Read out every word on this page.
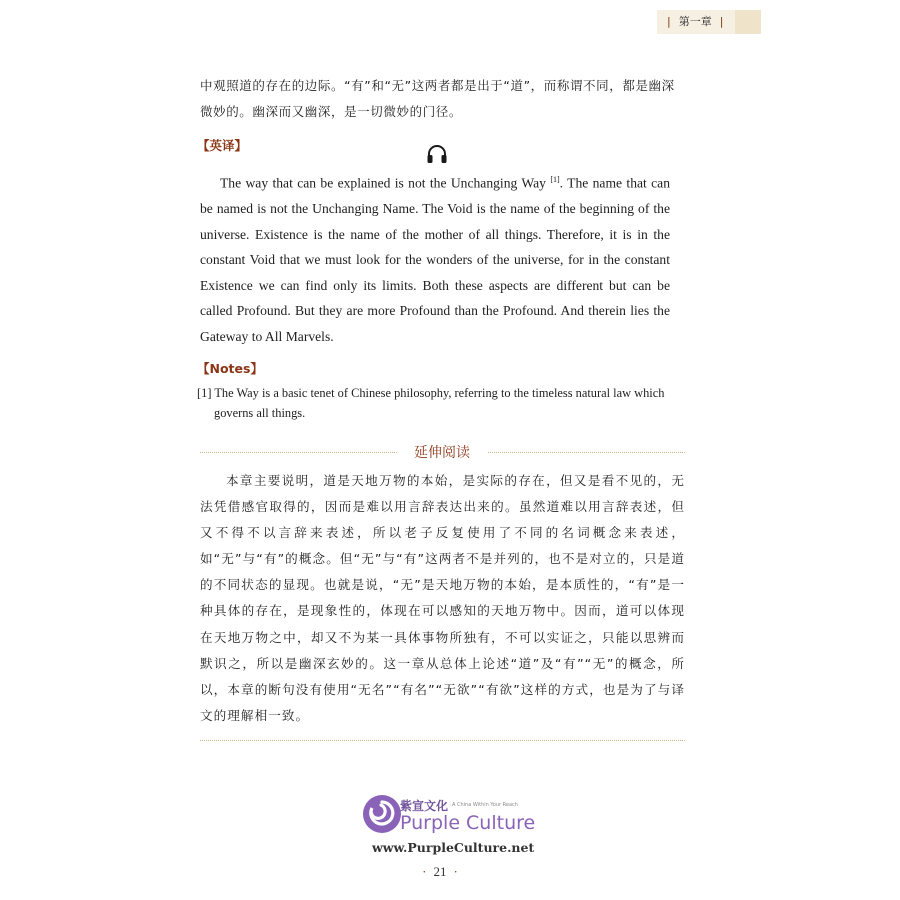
| 第一章 |

中观照道的存在的边际。“有”和“无”这两者都是出于“道”，而称谓不同，都是幽深微妙的。幽深而又幽深，是一切微妙的门径。

【英译】

The way that can be explained is not the Unchanging Way [1]. The name that can be named is not the Unchanging Name. The Void is the name of the beginning of the universe. Existence is the name of the mother of all things. Therefore, it is in the constant Void that we must look for the wonders of the universe, for in the constant Existence we can find only its limits. Both these aspects are different but can be called Profound. But they are more Profound than the Profound. And therein lies the Gateway to All Marvels.

【Notes】

[1] The Way is a basic tenet of Chinese philosophy, referring to the timeless natural law which governs all things.

延伸阅读

本章主要说明，道是天地万物的本始，是实际的存在，但又是看不见的，无法凭借感官取得的，因而是难以用言辞表达出来的。虽然道难以用言辞表述，但又不得不以言辞来表述，所以老子反复使用了不同的名词概念来表述，如“无”与“有”的概念。但“无”与“有”这两者不是并列的，也不是对立的，只是道的不同状态的显现。也就是说，“无”是天地万物的本始，是本质性的，“有”是一种具体的存在，是现象性的，体现在可以感知的天地万物中。因而，道可以体现在天地万物之中，却又不为某一具体事物所独有，不可以实证之，只能以思辨而默识之，所以是幽深玄妙的。这一章从总体上论述“道”及“有”“无”的概念，所以，本章的断句没有使用“无名”“有名”“无欲”“有欲”这样的方式，也是为了与译文的理解相一致。

紫宣文化 A China Within Your Reach
Purple Culture
www.PurpleCulture.net
· 21 ·
